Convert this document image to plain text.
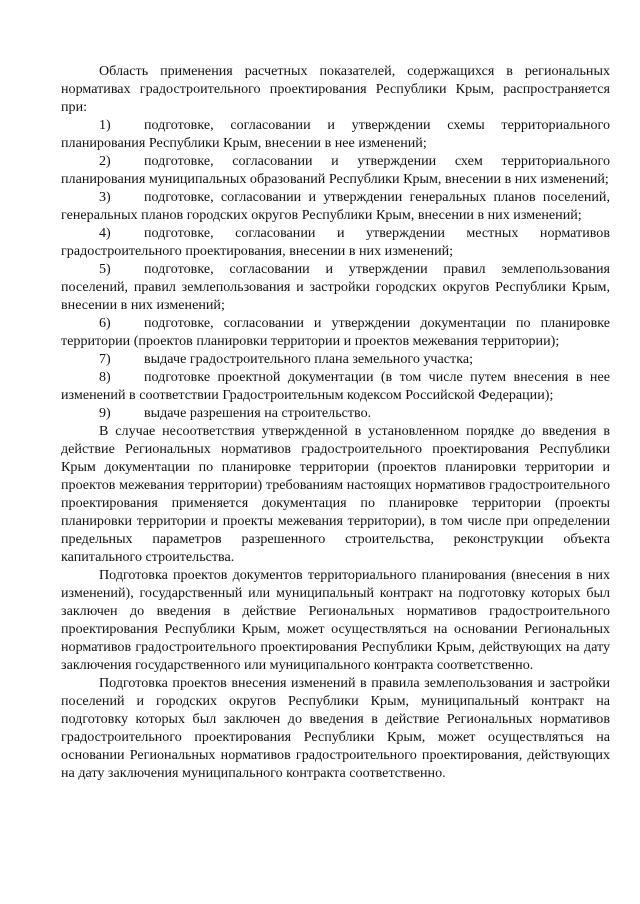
Область применения расчетных показателей, содержащихся в региональных нормативах градостроительного проектирования Республики Крым, распространяется при:

1) подготовке, согласовании и утверждении схемы территориального планирования Республики Крым, внесении в нее изменений;

2) подготовке, согласовании и утверждении схем территориального планирования муниципальных образований Республики Крым, внесении в них изменений;

3) подготовке, согласовании и утверждении генеральных планов поселений, генеральных планов городских округов Республики Крым, внесении в них изменений;

4) подготовке, согласовании и утверждении местных нормативов градостроительного проектирования, внесении в них изменений;

5) подготовке, согласовании и утверждении правил землепользования поселений, правил землепользования и застройки городских округов Республики Крым, внесении в них изменений;

6) подготовке, согласовании и утверждении документации по планировке территории (проектов планировки территории и проектов межевания территории);

7) выдаче градостроительного плана земельного участка;

8) подготовке проектной документации (в том числе путем внесения в нее изменений в соответствии Градостроительным кодексом Российской Федерации);

9) выдаче разрешения на строительство.

В случае несоответствия утвержденной в установленном порядке до введения в действие Региональных нормативов градостроительного проектирования Республики Крым документации по планировке территории (проектов планировки территории и проектов межевания территории) требованиям настоящих нормативов градостроительного проектирования применяется документация по планировке территории (проекты планировки территории и проекты межевания территории), в том числе при определении предельных параметров разрешенного строительства, реконструкции объекта капитального строительства.

Подготовка проектов документов территориального планирования (внесения в них изменений), государственный или муниципальный контракт на подготовку которых был заключен до введения в действие Региональных нормативов градостроительного проектирования Республики Крым, может осуществляться на основании Региональных нормативов градостроительного проектирования Республики Крым, действующих на дату заключения государственного или муниципального контракта соответственно.

Подготовка проектов внесения изменений в правила землепользования и застройки поселений и городских округов Республики Крым, муниципальный контракт на подготовку которых был заключен до введения в действие Региональных нормативов градостроительного проектирования Республики Крым, может осуществляться на основании Региональных нормативов градостроительного проектирования, действующих на дату заключения муниципального контракта соответственно.
